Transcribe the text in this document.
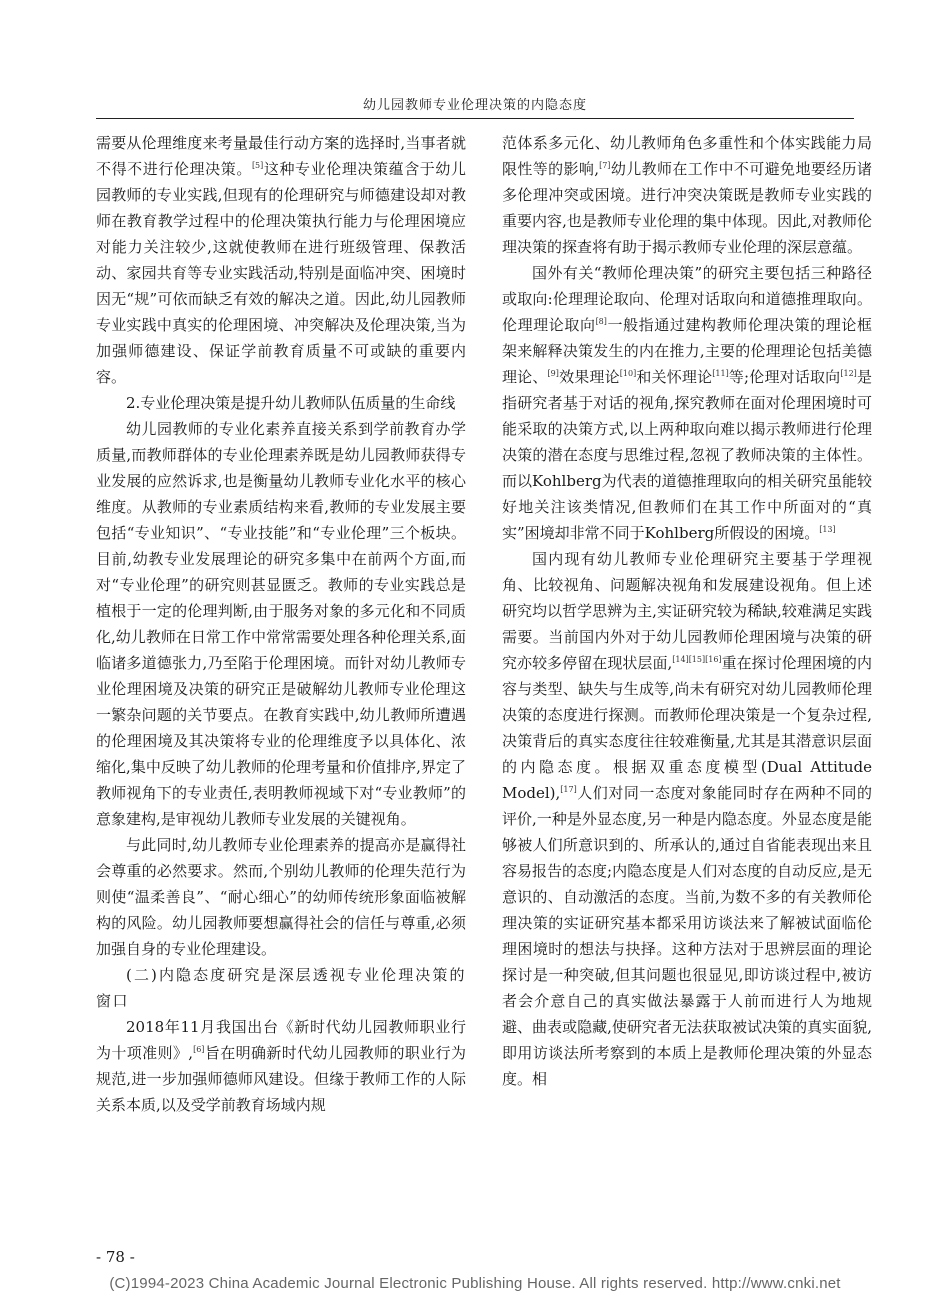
幼儿园教师专业伦理决策的内隐态度

需要从伦理维度来考量最佳行动方案的选择时,当事者就不得不进行伦理决策。[5]这种专业伦理决策蕴含于幼儿园教师的专业实践,但现有的伦理研究与师德建设却对教师在教育教学过程中的伦理决策执行能力与伦理困境应对能力关注较少,这就使教师在进行班级管理、保教活动、家园共育等专业实践活动,特别是面临冲突、困境时因无“规”可依而缺乏有效的解决之道。因此,幼儿园教师专业实践中真实的伦理困境、冲突解决及伦理决策,当为加强师德建设、保证学前教育质量不可或缺的重要内容。

2.专业伦理决策是提升幼儿教师队伍质量的生命线

幼儿园教师的专业化素养直接关系到学前教育办学质量,而教师群体的专业伦理素养既是幼儿园教师获得专业发展的应然诉求,也是衡量幼儿教师专业化水平的核心维度。从教师的专业素质结构来看,教师的专业发展主要包括“专业知识”、“专业技能”和“专业伦理”三个板块。目前,幼教专业发展理论的研究多集中在前两个方面,而对“专业伦理”的研究则甚显匮乏。教师的专业实践总是植根于一定的伦理判断,由于服务对象的多元化和不同质化,幼儿教师在日常工作中常常需要处理各种伦理关系,面临诸多道德张力,乃至陷于伦理困境。而针对幼儿教师专业伦理困境及决策的研究正是破解幼儿教师专业伦理这一繁杂问题的关节要点。在教育实践中,幼儿教师所遭遇的伦理困境及其决策将专业的伦理维度予以具体化、浓缩化,集中反映了幼儿教师的伦理考量和价值排序,界定了教师视角下的专业责任,表明教师视域下对“专业教师”的意象建构,是审视幼儿教师专业发展的关键视角。

与此同时,幼儿教师专业伦理素养的提高亦是赢得社会尊重的必然要求。然而,个别幼儿教师的伦理失范行为则使“温柔善良”、“耐心细心”的幼师传统形象面临被解构的风险。幼儿园教师要想赢得社会的信任与尊重,必须加强自身的专业伦理建设。

(二)内隐态度研究是深层透视专业伦理决策的窗口

2018年11月我国出台《新时代幼儿园教师职业行为十项准则》,[6]旨在明确新时代幼儿园教师的职业行为规范,进一步加强师德师风建设。但缘于教师工作的人际关系本质,以及受学前教育场域内规

范体系多元化、幼儿教师角色多重性和个体实践能力局限性等的影响,[7]幼儿教师在工作中不可避免地要经历诸多伦理冲突或困境。进行冲突决策既是教师专业实践的重要内容,也是教师专业伦理的集中体现。因此,对教师伦理决策的探查将有助于揭示教师专业伦理的深层意蕴。

国外有关“教师伦理决策”的研究主要包括三种路径或取向:伦理理论取向、伦理对话取向和道德推理取向。伦理理论取向[8]一般指通过建构教师伦理决策的理论框架来解释决策发生的内在推力,主要的伦理理论包括美德理论、[9]效果理论[10]和关怀理论[11]等;伦理对话取向[12]是指研究者基于对话的视角,探究教师在面对伦理困境时可能采取的决策方式,以上两种取向难以揭示教师进行伦理决策的潜在态度与思维过程,忽视了教师决策的主体性。而以Kohlberg为代表的道德推理取向的相关研究虽能较好地关注该类情况,但教师们在其工作中所面对的“真实”困境却非常不同于Kohlberg所假设的困境。[13]

国内现有幼儿教师专业伦理研究主要基于学理视角、比较视角、问题解决视角和发展建设视角。但上述研究均以哲学思辨为主,实证研究较为稀缺,较难满足实践需要。当前国内外对于幼儿园教师伦理困境与决策的研究亦较多停留在现状层面,[14][15][16]重在探讨伦理困境的内容与类型、缺失与生成等,尚未有研究对幼儿园教师伦理决策的态度进行探测。而教师伦理决策是一个复杂过程,决策背后的真实态度往往较难衡量,尤其是其潜意识层面的内隐态度。根据双重态度模型(Dual Attitude Model),[17]人们对同一态度对象能同时存在两种不同的评价,一种是外显态度,另一种是内隐态度。外显态度是能够被人们所意识到的、所承认的,通过自省能表现出来且容易报告的态度;内隐态度是人们对态度的自动反应,是无意识的、自动激活的态度。当前,为数不多的有关教师伦理决策的实证研究基本都采用访谈法来了解被试面临伦理困境时的想法与抉择。这种方法对于思辨层面的理论探讨是一种突破,但其问题也很显见,即访谈过程中,被访者会介意自己的真实做法暴露于人前而进行人为地规避、曲表或隐藏,使研究者无法获取被试决策的真实面貌,即用访谈法所考察到的本质上是教师伦理决策的外显态度。相

- 78 -
(C)1994-2023 China Academic Journal Electronic Publishing House. All rights reserved. http://www.cnki.net
